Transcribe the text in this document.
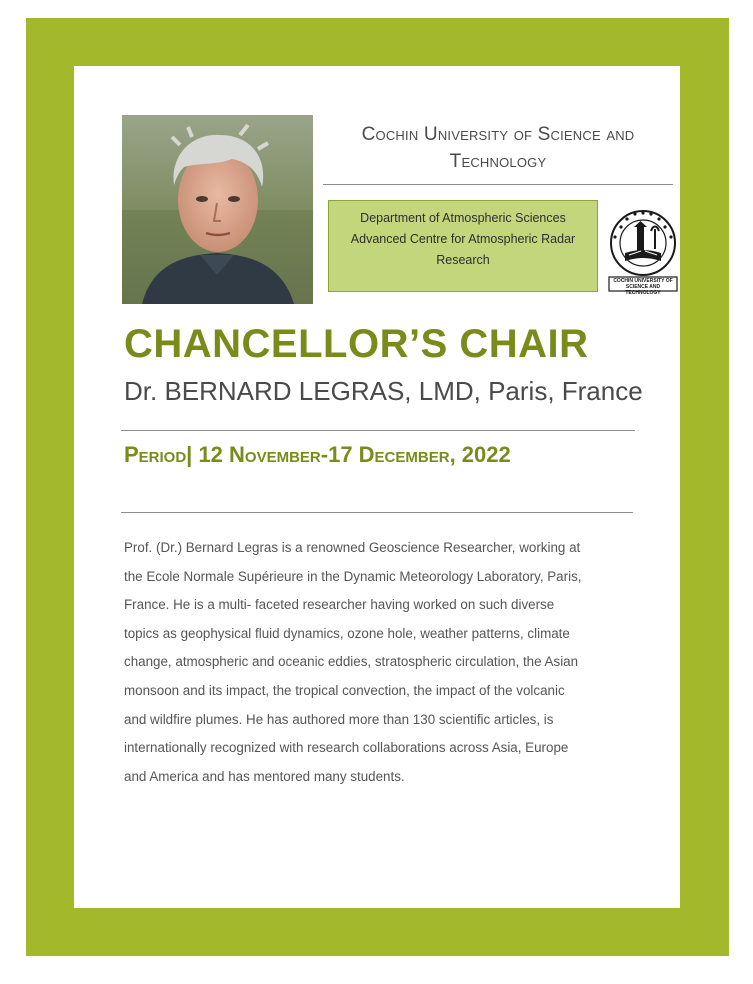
Cochin University of Science and
Technology
Department of Atmospheric Sciences
Advanced Centre for Atmospheric Radar
Research
COCHIN UNIVERSITY OF
SCIENCE AND TECHNOLOGY
CHANCELLOR’S CHAIR
Dr. BERNARD LEGRAS, LMD, Paris, France
Period| 12 November-17 December, 2022
Prof. (Dr.) Bernard Legras is a renowned Geoscience Researcher, working at
the Ecole Normale Supérieure in the Dynamic Meteorology Laboratory, Paris,
France. He is a multi- faceted researcher having worked on such diverse
topics as geophysical fluid dynamics, ozone hole, weather patterns, climate
change, atmospheric and oceanic eddies, stratospheric circulation, the Asian
monsoon and its impact, the tropical convection, the impact of the volcanic
and wildfire plumes. He has authored more than 130 scientific articles, is
internationally recognized with research collaborations across Asia, Europe
and America and has mentored many students.
